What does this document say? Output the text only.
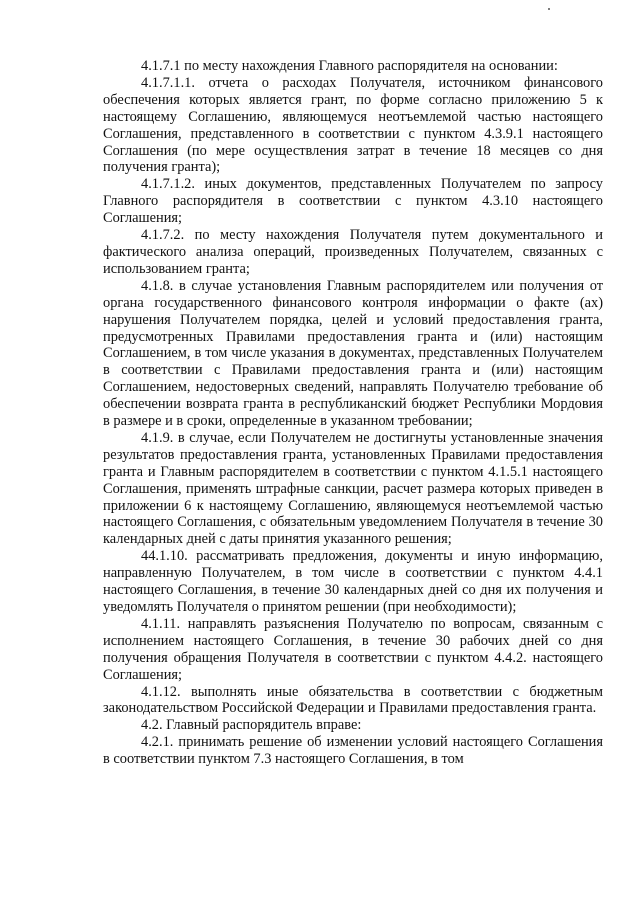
4.1.7.1 по месту нахождения Главного распорядителя на основании:

4.1.7.1.1. отчета о расходах Получателя, источником финансового обеспечения которых является грант, по форме согласно приложению 5 к настоящему Соглашению, являющемуся неотъемлемой частью настоящего Соглашения, представленного в соответствии с пунктом 4.3.9.1 настоящего Соглашения (по мере осуществления затрат в течение 18 месяцев со дня получения гранта);

4.1.7.1.2. иных документов, представленных Получателем по запросу Главного распорядителя в соответствии с пунктом 4.3.10 настоящего Соглашения;

4.1.7.2. по месту нахождения Получателя путем документального и фактического анализа операций, произведенных Получателем, связанных с использованием гранта;

4.1.8. в случае установления Главным распорядителем или получения от органа государственного финансового контроля информации о факте (ах) нарушения Получателем порядка, целей и условий предоставления гранта, предусмотренных Правилами предоставления гранта и (или) настоящим Соглашением, в том числе указания в документах, представленных Получателем в соответствии с Правилами предоставления гранта и (или) настоящим Соглашением, недостоверных сведений, направлять Получателю требование об обеспечении возврата гранта в республиканский бюджет Республики Мордовия в размере и в сроки, определенные в указанном требовании;

4.1.9. в случае, если Получателем не достигнуты установленные значения результатов предоставления гранта, установленных Правилами предоставления гранта и Главным распорядителем в соответствии с пунктом 4.1.5.1 настоящего Соглашения, применять штрафные санкции, расчет размера которых приведен в приложении 6 к настоящему Соглашению, являющемуся неотъемлемой частью настоящего Соглашения, с обязательным уведомлением Получателя в течение 30 календарных дней с даты принятия указанного решения;

44.1.10. рассматривать предложения, документы и иную информацию, направленную Получателем, в том числе в соответствии с пунктом 4.4.1 настоящего Соглашения, в течение 30 календарных дней со дня их получения и уведомлять Получателя о принятом решении (при необходимости);

4.1.11. направлять разъяснения Получателю по вопросам, связанным с исполнением настоящего Соглашения, в течение 30 рабочих дней со дня получения обращения Получателя в соответствии с пунктом 4.4.2. настоящего Соглашения;

4.1.12. выполнять иные обязательства в соответствии с бюджетным законодательством Российской Федерации и Правилами предоставления гранта.

4.2. Главный распорядитель вправе:

4.2.1. принимать решение об изменении условий настоящего Соглашения в соответствии пунктом 7.3 настоящего Соглашения, в том
